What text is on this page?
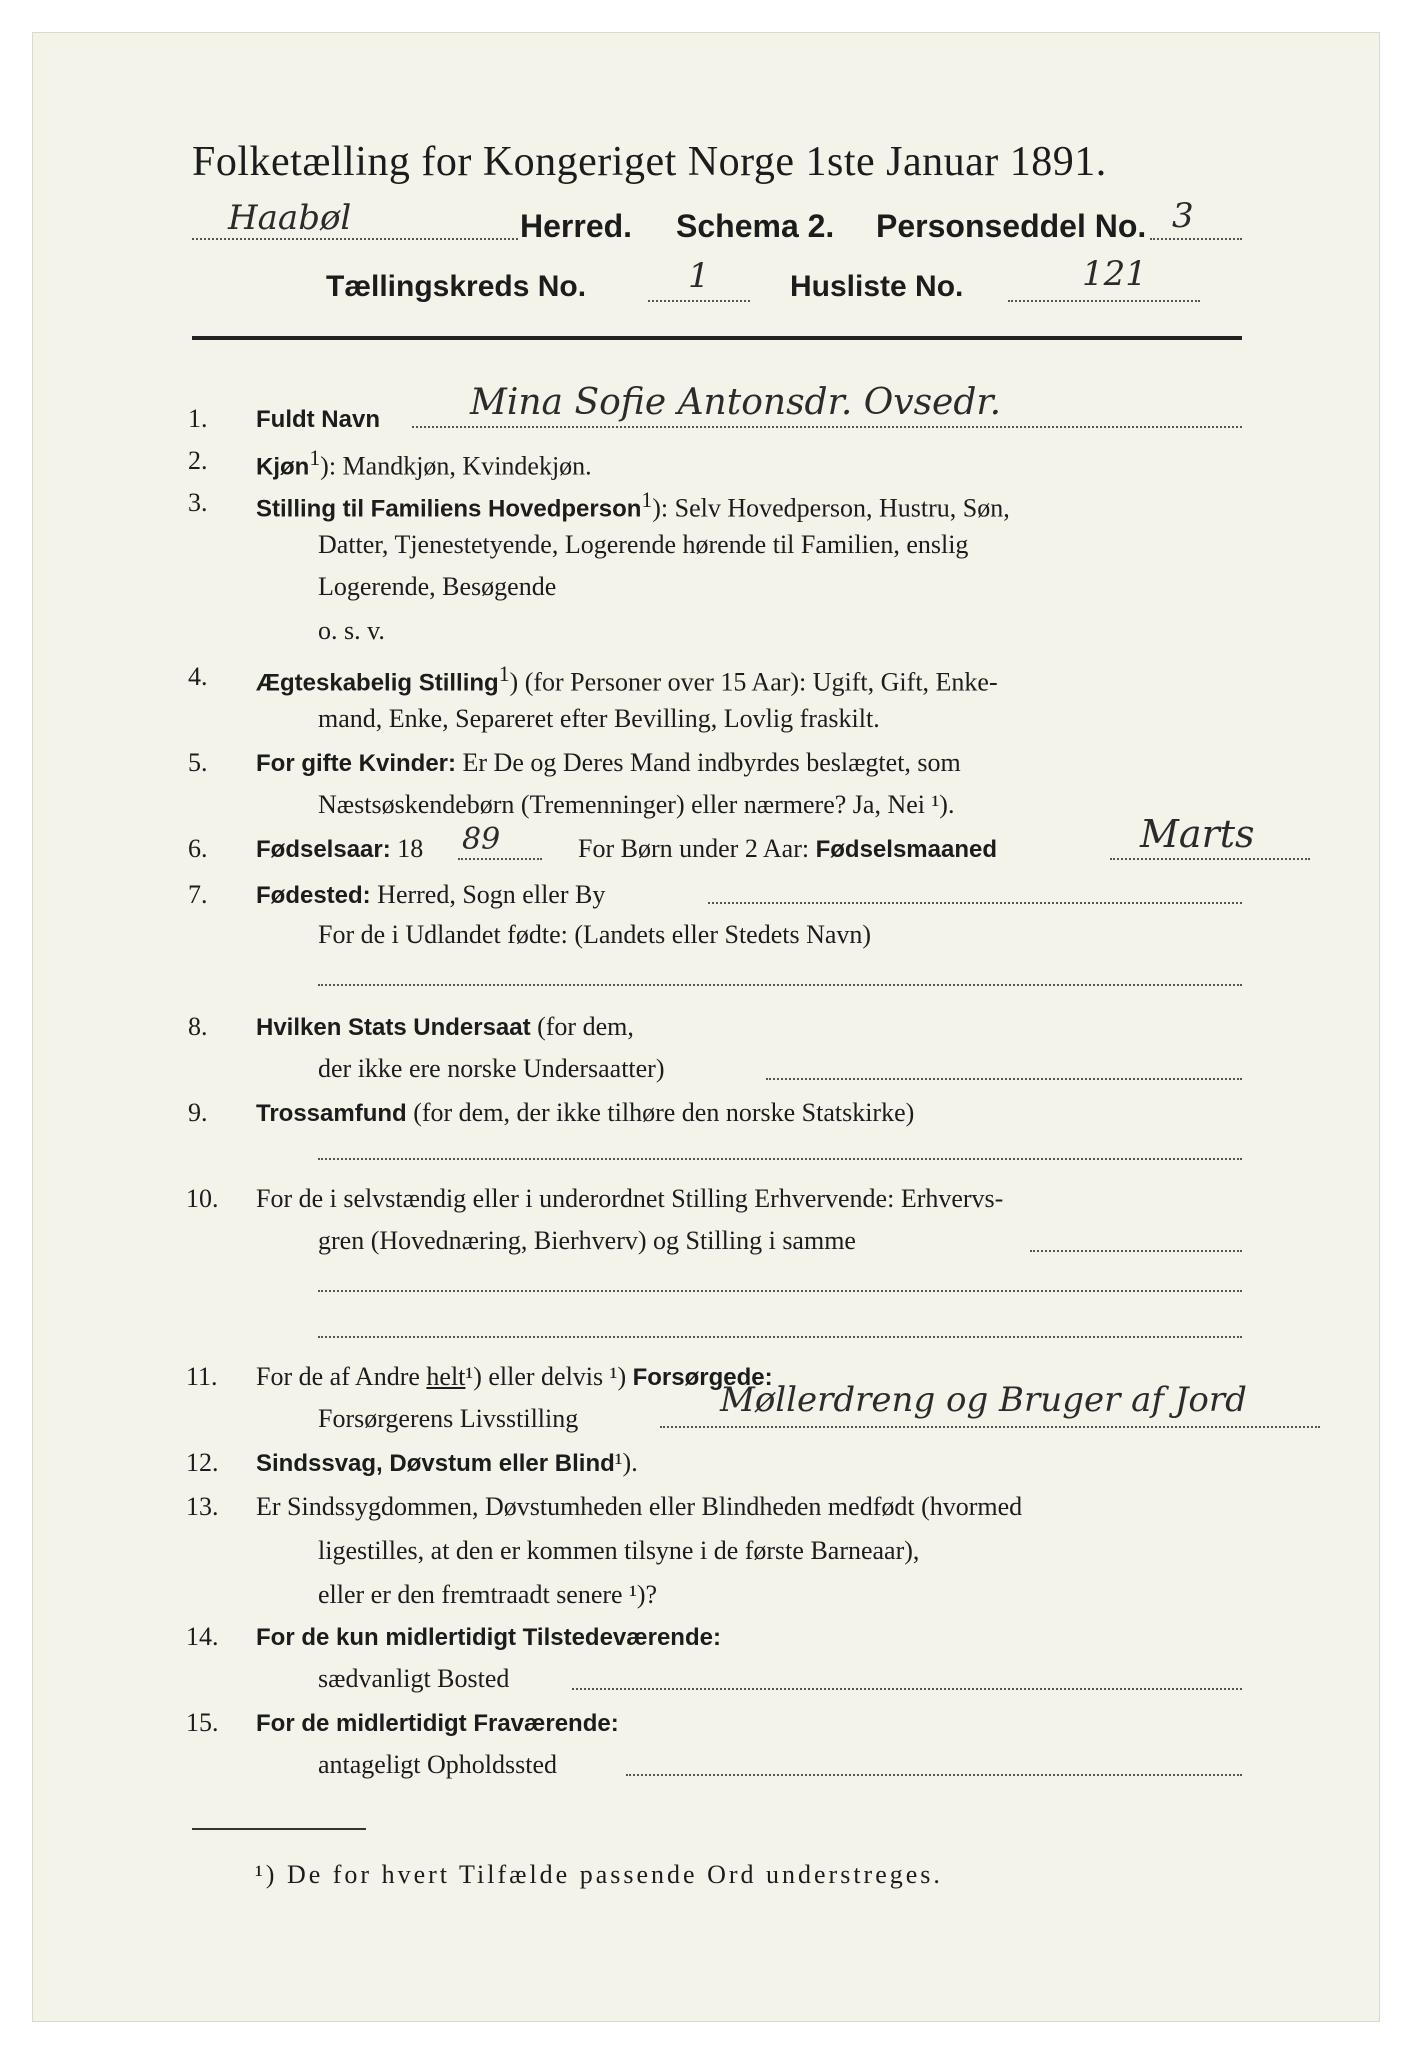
Folketælling for Kongeriget Norge 1ste Januar 1891.
Haabøl	Herred. Schema 2. Personseddel No. 3
Tællingskreds No.	1	Husliste No.	121
1.	Fuldt Navn	Mina Sofie Antonsdr. Ovsedr.
2.	Kjøn$^1$): Mandkjøn, Kvindekjøn.
3.	Stilling til Familiens Hovedperson$^1$): Selv Hovedperson, Hustru, Søn,
Datter, Tjenestetyende, Logerende hørende til Familien, enslig
Logerende, Besøgende
o. s. v.
4.	Ægteskabelig Stilling$^1$) (for Personer over 15 Aar): Ugift, Gift, Enke-
mand, Enke, Separeret efter Bevilling, Lovlig fraskilt.
5.	For gifte Kvinder: Er De og Deres Mand indbyrdes beslægtet, som
Næstsøskendebørn (Tremenninger) eller nærmere? Ja, Nei ¹).
6.	Fødselsaar: 18 89	For Børn under 2 Aar: Fødselsmaaned	Marts
7.	Fødested: Herred, Sogn eller By
For de i Udlandet fødte: (Landets eller Stedets Navn)
8.	Hvilken Stats Undersaat (for dem,
der ikke ere norske Undersaatter)
9.	Trossamfund (for dem, der ikke tilhøre den norske Statskirke)
10. For de i selvstændig eller i underordnet Stilling Erhvervende: Erhvervs-
gren (Hovednæring, Bierhverv) og Stilling i samme
11.	For de af Andre helt¹) eller delvis ¹) Forsørgede:
Forsørgerens Livsstilling	Møllerdreng og Bruger af Jord
12.	Sindssvag, Døvstum eller Blind¹).
13. Er Sindssygdommen, Døvstumheden eller Blindheden medfødt (hvormed
ligestilles, at den er kommen tilsyne i de første Barneaar),
eller er den fremtraadt senere ¹)?
14.	For de kun midlertidigt Tilstedeværende:
sædvanligt Bosted
15.	For de midlertidigt Fraværende:
antageligt Opholdssted
¹) De for hvert Tilfælde passende Ord understreges.
